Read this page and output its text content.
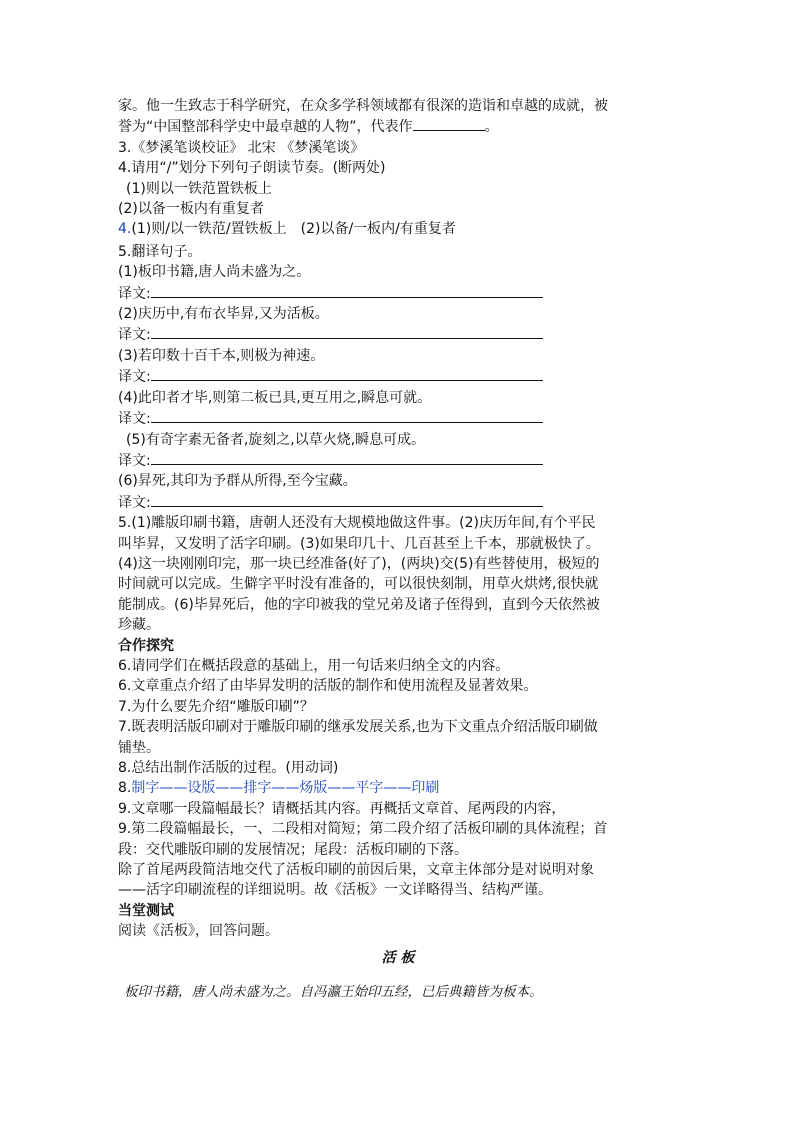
家。他一生致志于科学研究，在众多学科领域都有很深的造诣和卓越的成就，被

誉为“中国整部科学史中最卓越的人物”，代表作	。

3.《梦溪笔谈校证》 北宋 《梦溪笔谈》

4.请用“/”划分下列句子朗读节奏。(断两处)

(1)则以一铁范置铁板上

(2)以备一板内有重复者

4.(1)则/以一铁范/置铁板上　(2)以备/一板内/有重复者

5.翻译句子。

(1)板印书籍,唐人尚未盛为之。

译文:

(2)庆历中,有布衣毕昇,又为活板。

译文:

(3)若印数十百千本,则极为神速。

译文:

(4)此印者才毕,则第二板已具,更互用之,瞬息可就。

译文:

(5)有奇字素无备者,旋刻之,以草火烧,瞬息可成。

译文:

(6)昇死,其印为予群从所得,至今宝藏。

译文:

5.(1)雕版印刷书籍，唐朝人还没有大规模地做这件事。(2)庆历年间,有个平民

叫毕昇，又发明了活字印刷。(3)如果印几十、几百甚至上千本，那就极快了。

(4)这一块刚刚印完，那一块已经准备(好了)，(两块)交(5)有些替使用，极短的

时间就可以完成。生僻字平时没有准备的，可以很快刻制，用草火烘烤,很快就

能制成。(6)毕昇死后，他的字印被我的堂兄弟及诸子侄得到，直到今天依然被

珍藏。

合作探究

6.请同学们在概括段意的基础上，用一句话来归纳全文的内容。

6.文章重点介绍了由毕昇发明的活版的制作和使用流程及显著效果。

7.为什么要先介绍“雕版印刷”？

7.既表明活版印刷对于雕版印刷的继承发展关系,也为下文重点介绍活版印刷做

铺垫。

8.总结出制作活版的过程。(用动词)

8.制字——设版——排字——炀版——平字——印刷

9.文章哪一段篇幅最长？请概括其内容。再概括文章首、尾两段的内容，

9.第二段篇幅最长，一、二段相对简短；第二段介绍了活板印刷的具体流程；首

段：交代雕版印刷的发展情况；尾段：活板印刷的下落。

除了首尾两段简洁地交代了活板印刷的前因后果，文章主体部分是对说明对象

——活字印刷流程的详细说明。故《活板》一文详略得当、结构严谨。

当堂测试

阅读《活板》，回答问题。

活 板

板印书籍，唐人尚未盛为之。自冯瀛王始印五经，已后典籍皆为板本。
